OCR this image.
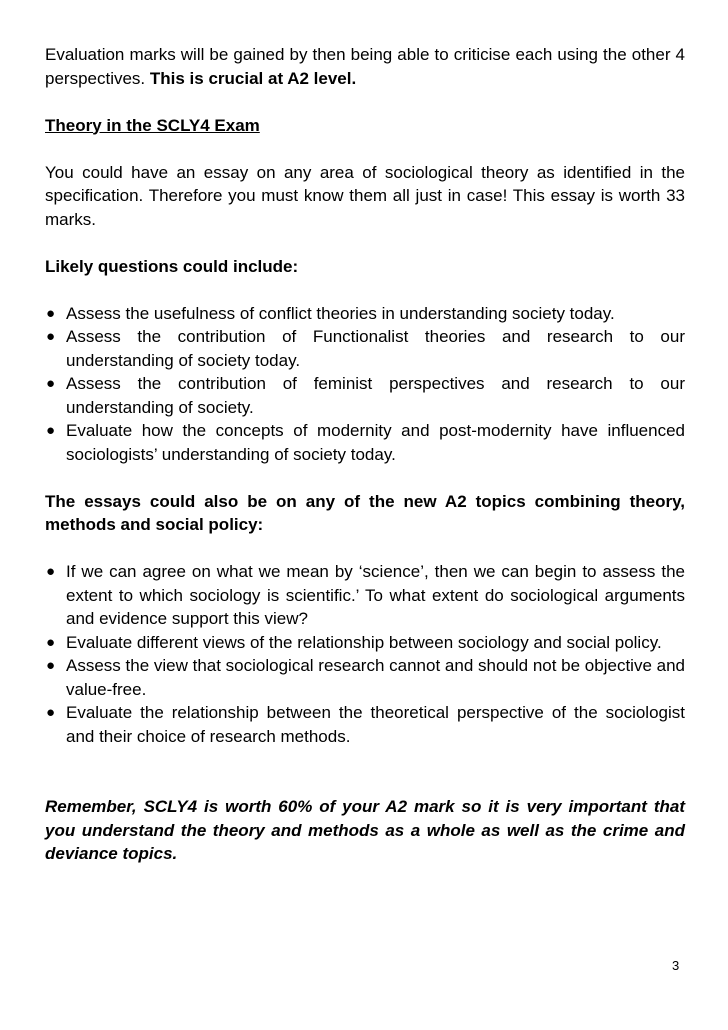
Evaluation marks will be gained by then being able to criticise each using the other 4 perspectives. This is crucial at A2 level.

Theory in the SCLY4 Exam

You could have an essay on any area of sociological theory as identified in the specification. Therefore you must know them all just in case! This essay is worth 33 marks.

Likely questions could include:

● Assess the usefulness of conflict theories in understanding society today.
● Assess the contribution of Functionalist theories and research to our understanding of society today.
● Assess the contribution of feminist perspectives and research to our understanding of society.
● Evaluate how the concepts of modernity and post-modernity have influenced sociologists’ understanding of society today.

The essays could also be on any of the new A2 topics combining theory, methods and social policy:

● If we can agree on what we mean by ‘science’, then we can begin to assess the extent to which sociology is scientific.’ To what extent do sociological arguments and evidence support this view?
● Evaluate different views of the relationship between sociology and social policy.
● Assess the view that sociological research cannot and should not be objective and value-free.
● Evaluate the relationship between the theoretical perspective of the sociologist and their choice of research methods.

Remember, SCLY4 is worth 60% of your A2 mark so it is very important that you understand the theory and methods as a whole as well as the crime and deviance topics.

3
